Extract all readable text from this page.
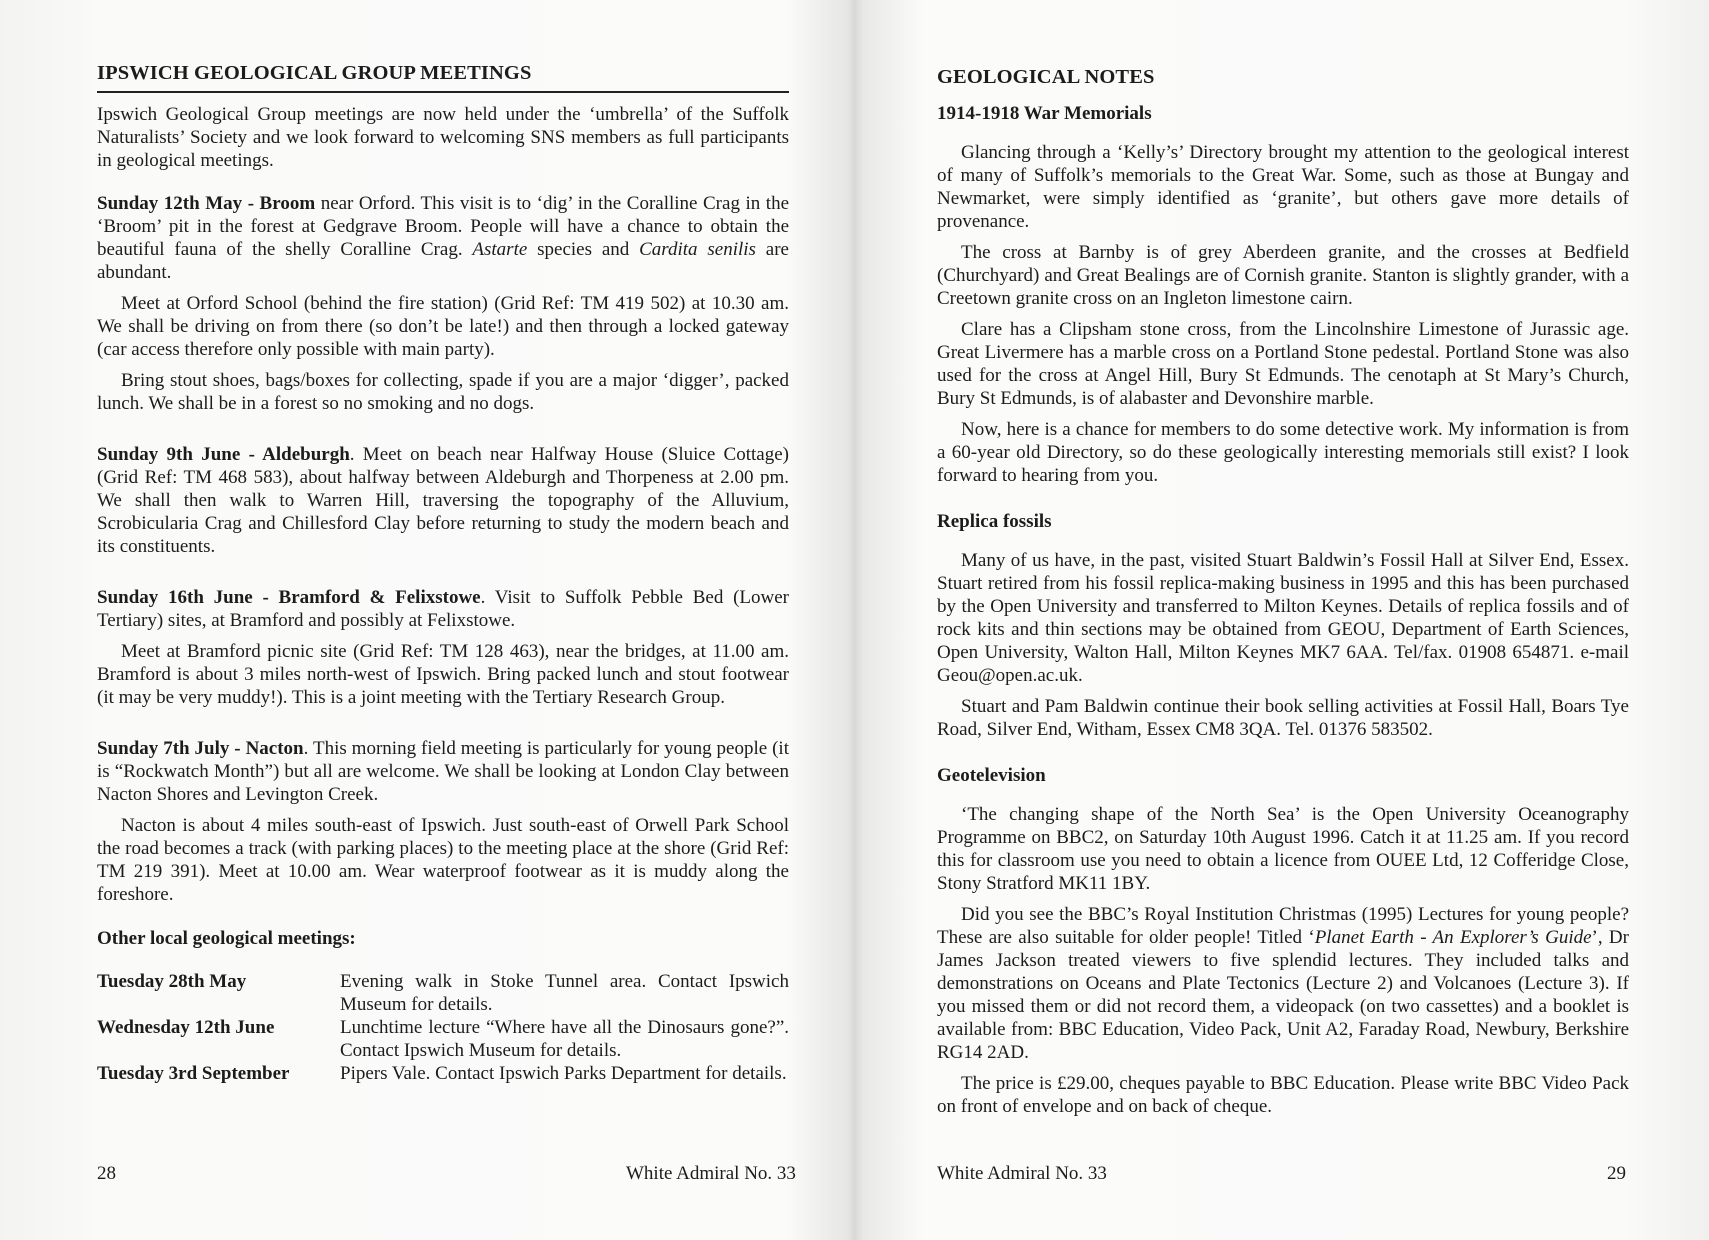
IPSWICH GEOLOGICAL GROUP MEETINGS

Ipswich Geological Group meetings are now held under the ‘umbrella’ of the Suffolk Naturalists’ Society and we look forward to welcoming SNS members as full participants in geological meetings.

Sunday 12th May - Broom near Orford. This visit is to ‘dig’ in the Coralline Crag in the ‘Broom’ pit in the forest at Gedgrave Broom. People will have a chance to obtain the beautiful fauna of the shelly Coralline Crag. Astarte species and Cardita senilis are abundant.

Meet at Orford School (behind the fire station) (Grid Ref: TM 419 502) at 10.30 am. We shall be driving on from there (so don’t be late!) and then through a locked gateway (car access therefore only possible with main party).

Bring stout shoes, bags/boxes for collecting, spade if you are a major ‘digger’, packed lunch. We shall be in a forest so no smoking and no dogs.

Sunday 9th June - Aldeburgh. Meet on beach near Halfway House (Sluice Cottage) (Grid Ref: TM 468 583), about halfway between Aldeburgh and Thorpeness at 2.00 pm. We shall then walk to Warren Hill, traversing the topography of the Alluvium, Scrobicularia Crag and Chillesford Clay before returning to study the modern beach and its constituents.

Sunday 16th June - Bramford & Felixstowe. Visit to Suffolk Pebble Bed (Lower Tertiary) sites, at Bramford and possibly at Felixstowe.

Meet at Bramford picnic site (Grid Ref: TM 128 463), near the bridges, at 11.00 am. Bramford is about 3 miles north-west of Ipswich. Bring packed lunch and stout footwear (it may be very muddy!). This is a joint meeting with the Tertiary Research Group.

Sunday 7th July - Nacton. This morning field meeting is particularly for young people (it is “Rockwatch Month”) but all are welcome. We shall be looking at London Clay between Nacton Shores and Levington Creek.

Nacton is about 4 miles south-east of Ipswich. Just south-east of Orwell Park School the road becomes a track (with parking places) to the meeting place at the shore (Grid Ref: TM 219 391). Meet at 10.00 am. Wear waterproof footwear as it is muddy along the foreshore.

Other local geological meetings:
Tuesday 28th May	Evening walk in Stoke Tunnel area. Contact Ipswich Museum for details.
Wednesday 12th June	Lunchtime lecture “Where have all the Dinosaurs gone?”. Contact Ipswich Museum for details.
Tuesday 3rd September	Pipers Vale. Contact Ipswich Parks Department for details.
28	White Admiral No. 33
GEOLOGICAL NOTES
1914-1918 War Memorials

Glancing through a ‘Kelly’s’ Directory brought my attention to the geological interest of many of Suffolk’s memorials to the Great War. Some, such as those at Bungay and Newmarket, were simply identified as ‘granite’, but others gave more details of provenance.

The cross at Barnby is of grey Aberdeen granite, and the crosses at Bedfield (Churchyard) and Great Bealings are of Cornish granite. Stanton is slightly grander, with a Creetown granite cross on an Ingleton limestone cairn.

Clare has a Clipsham stone cross, from the Lincolnshire Limestone of Jurassic age. Great Livermere has a marble cross on a Portland Stone pedestal. Portland Stone was also used for the cross at Angel Hill, Bury St Edmunds. The cenotaph at St Mary’s Church, Bury St Edmunds, is of alabaster and Devonshire marble.

Now, here is a chance for members to do some detective work. My information is from a 60-year old Directory, so do these geologically interesting memorials still exist? I look forward to hearing from you.

Replica fossils

Many of us have, in the past, visited Stuart Baldwin’s Fossil Hall at Silver End, Essex. Stuart retired from his fossil replica-making business in 1995 and this has been purchased by the Open University and transferred to Milton Keynes. Details of replica fossils and of rock kits and thin sections may be obtained from GEOU, Department of Earth Sciences, Open University, Walton Hall, Milton Keynes MK7 6AA. Tel/fax. 01908 654871. e-mail Geou@open.ac.uk.

Stuart and Pam Baldwin continue their book selling activities at Fossil Hall, Boars Tye Road, Silver End, Witham, Essex CM8 3QA. Tel. 01376 583502.

Geotelevision

‘The changing shape of the North Sea’ is the Open University Oceanography Programme on BBC2, on Saturday 10th August 1996. Catch it at 11.25 am. If you record this for classroom use you need to obtain a licence from OUEE Ltd, 12 Cofferidge Close, Stony Stratford MK11 1BY.

Did you see the BBC’s Royal Institution Christmas (1995) Lectures for young people? These are also suitable for older people! Titled ‘Planet Earth - An Explorer’s Guide’, Dr James Jackson treated viewers to five splendid lectures. They included talks and demonstrations on Oceans and Plate Tectonics (Lecture 2) and Volcanoes (Lecture 3). If you missed them or did not record them, a videopack (on two cassettes) and a booklet is available from: BBC Education, Video Pack, Unit A2, Faraday Road, Newbury, Berkshire RG14 2AD.

The price is £29.00, cheques payable to BBC Education. Please write BBC Video Pack on front of envelope and on back of cheque.

White Admiral No. 33	29
